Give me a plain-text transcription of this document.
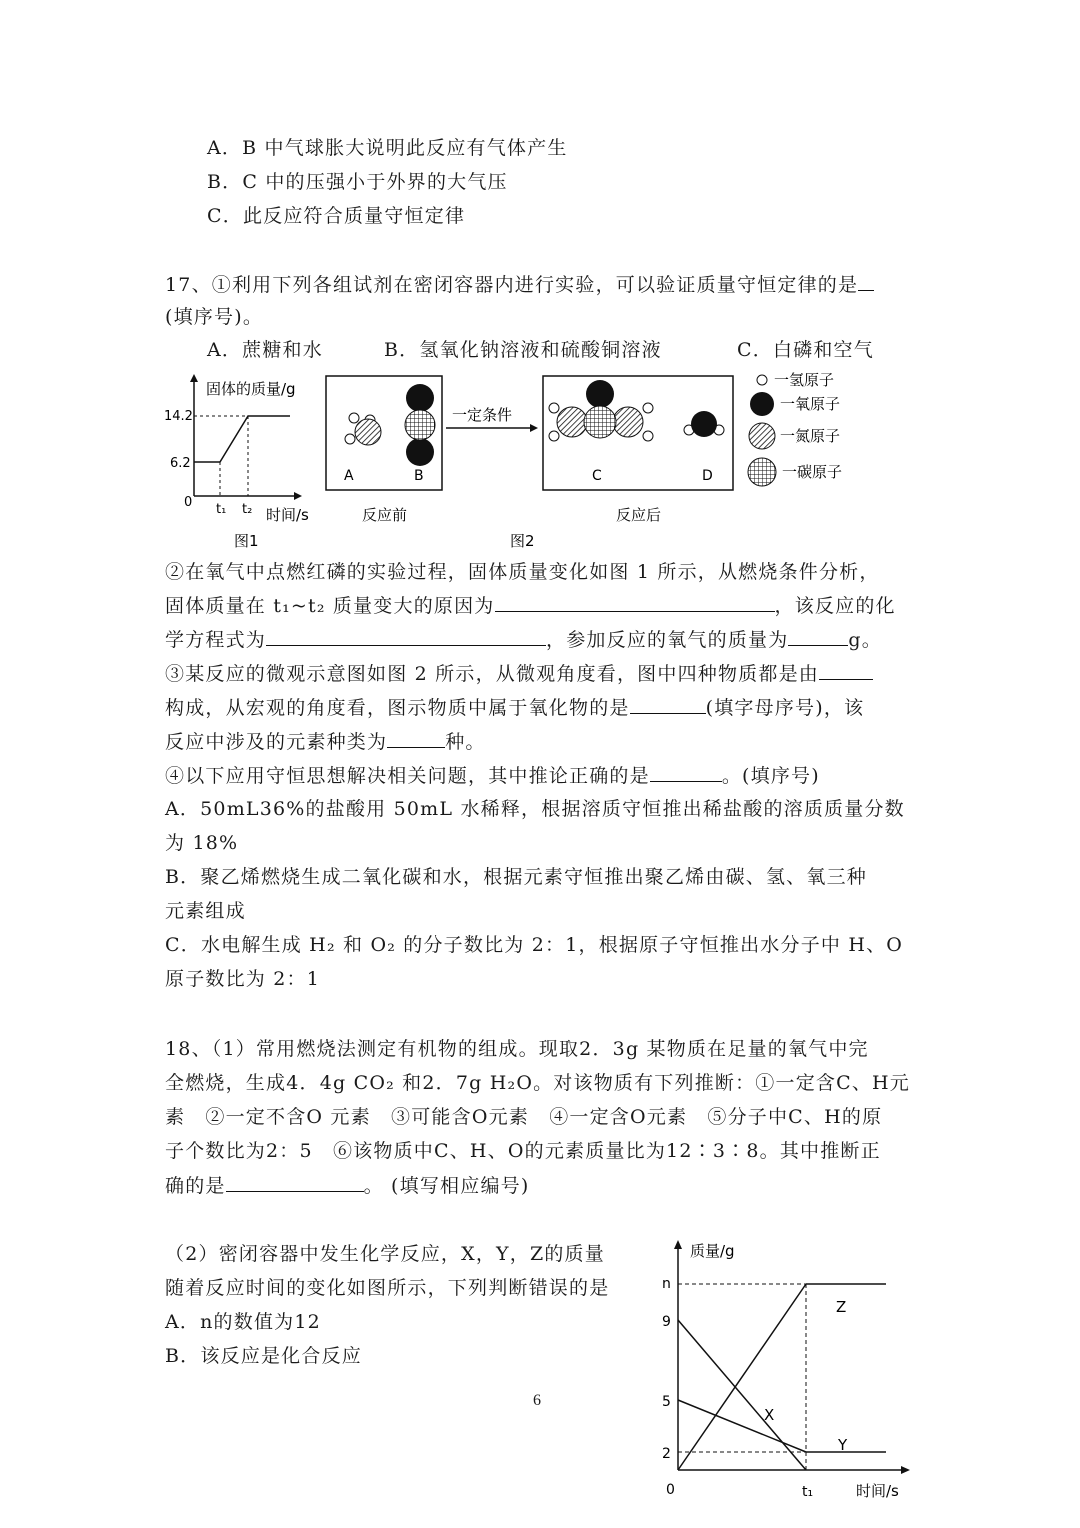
A．B 中气球胀大说明此反应有气体产生
B．C 中的压强小于外界的大气压
C．此反应符合质量守恒定律
17、①利用下列各组试剂在密闭容器内进行实验，可以验证质量守恒定律的是
(填序号)。
A．蔗糖和水	B．氢氧化钠溶液和硫酸铜溶液	C．白磷和空气
固体的质量/g
14.2
6.2
0 t₁ t₂ 时间/s
图1
A	B
反应前
一定条件
C	D
反应后
图2
一氢原子
一氧原子
一氮原子
一碳原子
②在氧气中点燃红磷的实验过程，固体质量变化如图 1 所示，从燃烧条件分析，
固体质量在 t₁~t₂ 质量变大的原因为	，该反应的化
学方程式为	，参加反应的氧气的质量为	g。
③某反应的微观示意图如图 2 所示，从微观角度看，图中四种物质都是由
构成，从宏观的角度看，图示物质中属于氧化物的是	(填字母序号)，该
反应中涉及的元素种类为	种。
④以下应用守恒思想解决相关问题，其中推论正确的是	。(填序号)
A．50mL36%的盐酸用 50mL 水稀释，根据溶质守恒推出稀盐酸的溶质质量分数
为 18%
B．聚乙烯燃烧生成二氧化碳和水，根据元素守恒推出聚乙烯由碳、氢、氧三种
元素组成
C．水电解生成 H₂ 和 O₂ 的分子数比为 2：1，根据原子守恒推出水分子中 H、O
原子数比为 2：1
18、（1）常用燃烧法测定有机物的组成。现取2．3g 某物质在足量的氧气中完
全燃烧，生成4．4g CO₂ 和2．7g H₂O。对该物质有下列推断：①一定含C、H元
素　②一定不含O 元素　③可能含O元素　④一定含O元素　⑤分子中C、H的原
子个数比为2：5　⑥该物质中C、H、O的元素质量比为12∶3∶8。其中推断正
确的是	。 (填写相应编号)
（2）密闭容器中发生化学反应，X，Y，Z的质量
随着反应时间的变化如图所示，下列判断错误的是
A．n的数值为12
B．该反应是化合反应
质量/g
n
9
5
2
0
Z
X
Y
t₁	时间/s
6
